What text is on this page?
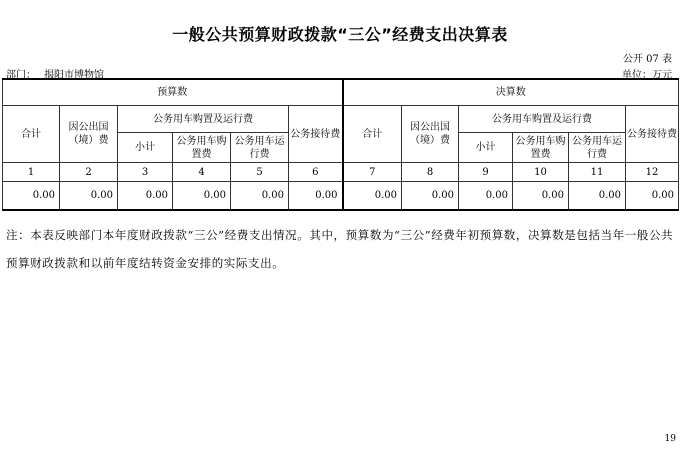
一般公共预算财政拨款“三公”经费支出决算表
公开 07 表
部门： 揭阳市博物馆	单位：万元
预算数						决算数					
合计	因公出国（境）费	公务用车购置及运行费			公务接待费	合计	因公出国（境）费	公务用车购置及运行费			公务接待费
		小计	公务用车购置费	公务用车运行费				小计	公务用车购置费	公务用车运行费	
1	2	3	4	5	6	7	8	9	10	11	12
0.00	0.00	0.00	0.00	0.00	0.00	0.00	0.00	0.00	0.00	0.00	0.00
注：本表反映部门本年度财政拨款“三公”经费支出情况。其中，预算数为“三公”经费年初预算数，决算数是包括当年一般公共预算财政拨款和以前年度结转资金安排的实际支出。
19
